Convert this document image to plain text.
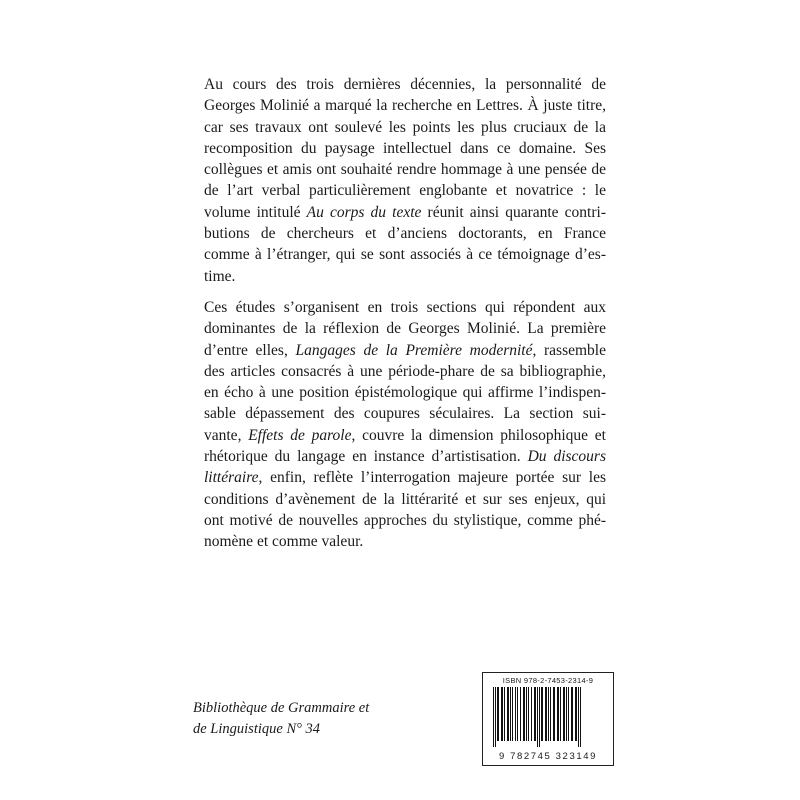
Au cours des trois dernières décennies, la personnalité de
Georges Molinié a marqué la recherche en Lettres. À juste titre,
car ses travaux ont soulevé les points les plus cruciaux de la
recomposition du paysage intellectuel dans ce domaine. Ses
collègues et amis ont souhaité rendre hommage à une pensée de
de l’art verbal particulièrement englobante et novatrice : le
volume intitulé Au corps du texte réunit ainsi quarante contri-
butions de chercheurs et d’anciens doctorants, en France
comme à l’étranger, qui se sont associés à ce témoignage d’es-
time.

Ces études s’organisent en trois sections qui répondent aux
dominantes de la réflexion de Georges Molinié. La première
d’entre elles, Langages de la Première modernité, rassemble
des articles consacrés à une période-phare de sa bibliographie,
en écho à une position épistémologique qui affirme l’indispen-
sable dépassement des coupures séculaires. La section sui-
vante, Effets de parole, couvre la dimension philosophique et
rhétorique du langage en instance d’artistisation. Du discours
littéraire, enfin, reflète l’interrogation majeure portée sur les
conditions d’avènement de la littérarité et sur ses enjeux, qui
ont motivé de nouvelles approches du stylistique, comme phé-
nomène et comme valeur.

Bibliothèque de Grammaire et
de Linguistique N° 34
ISBN 978-2-7453-2314-9
9 782745 323149
